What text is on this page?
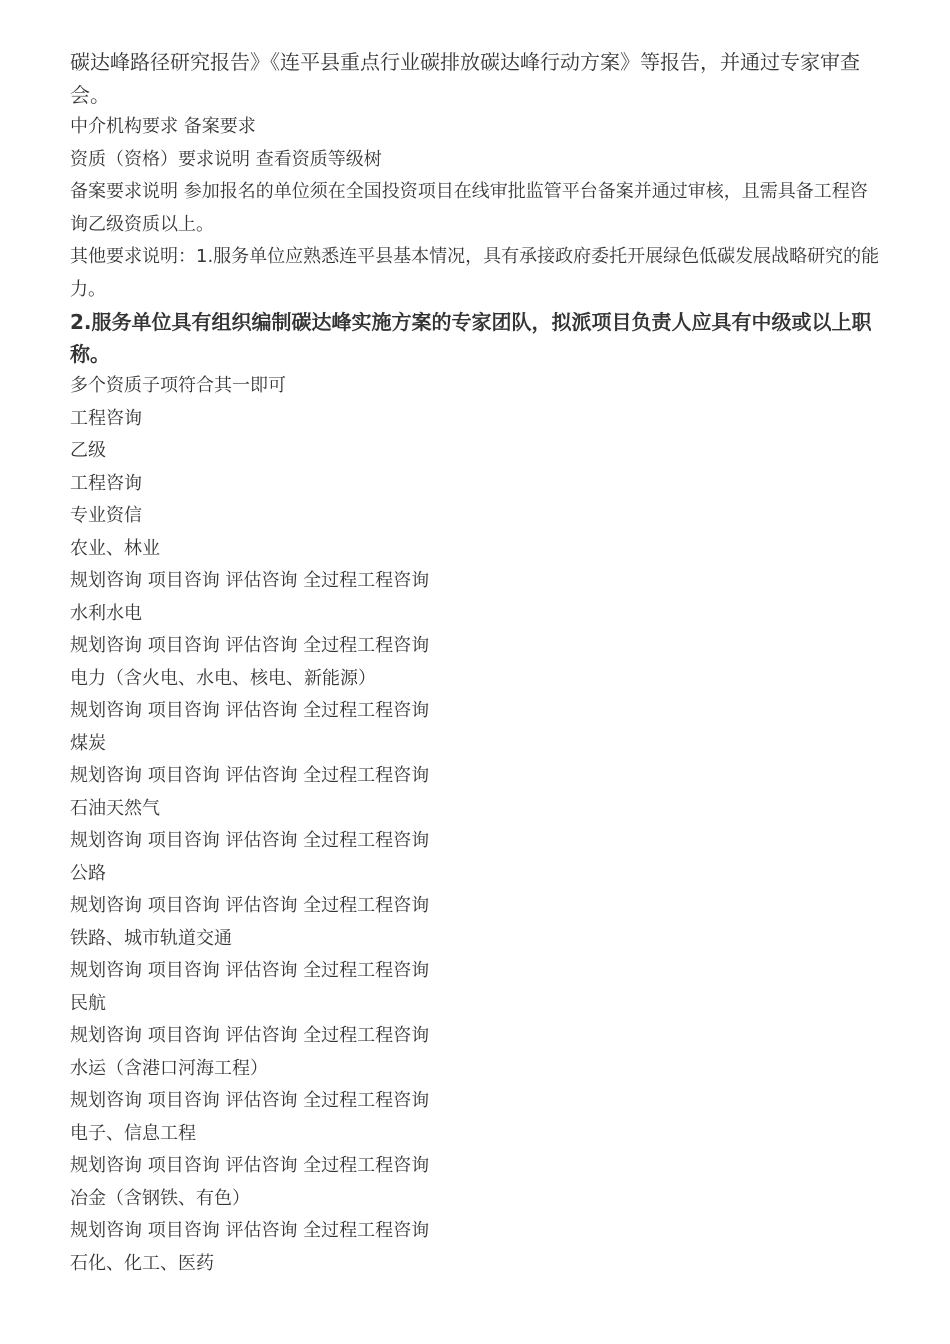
碳达峰路径研究报告》《连平县重点行业碳排放碳达峰行动方案》等报告，并通过专家审查会。

中介机构要求 备案要求

资质（资格）要求说明 查看资质等级树

备案要求说明 参加报名的单位须在全国投资项目在线审批监管平台备案并通过审核，且需具备工程咨询乙级资质以上。

其他要求说明：1.服务单位应熟悉连平县基本情况，具有承接政府委托开展绿色低碳发展战略研究的能力。

2.服务单位具有组织编制碳达峰实施方案的专家团队，拟派项目负责人应具有中级或以上职称。

多个资质子项符合其一即可

工程咨询

乙级

工程咨询

专业资信

农业、林业

规划咨询 项目咨询 评估咨询 全过程工程咨询

水利水电

规划咨询 项目咨询 评估咨询 全过程工程咨询

电力（含火电、水电、核电、新能源）

规划咨询 项目咨询 评估咨询 全过程工程咨询

煤炭

规划咨询 项目咨询 评估咨询 全过程工程咨询

石油天然气

规划咨询 项目咨询 评估咨询 全过程工程咨询

公路

规划咨询 项目咨询 评估咨询 全过程工程咨询

铁路、城市轨道交通

规划咨询 项目咨询 评估咨询 全过程工程咨询

民航

规划咨询 项目咨询 评估咨询 全过程工程咨询

水运（含港口河海工程）

规划咨询 项目咨询 评估咨询 全过程工程咨询

电子、信息工程

规划咨询 项目咨询 评估咨询 全过程工程咨询

冶金（含钢铁、有色）

规划咨询 项目咨询 评估咨询 全过程工程咨询

石化、化工、医药
